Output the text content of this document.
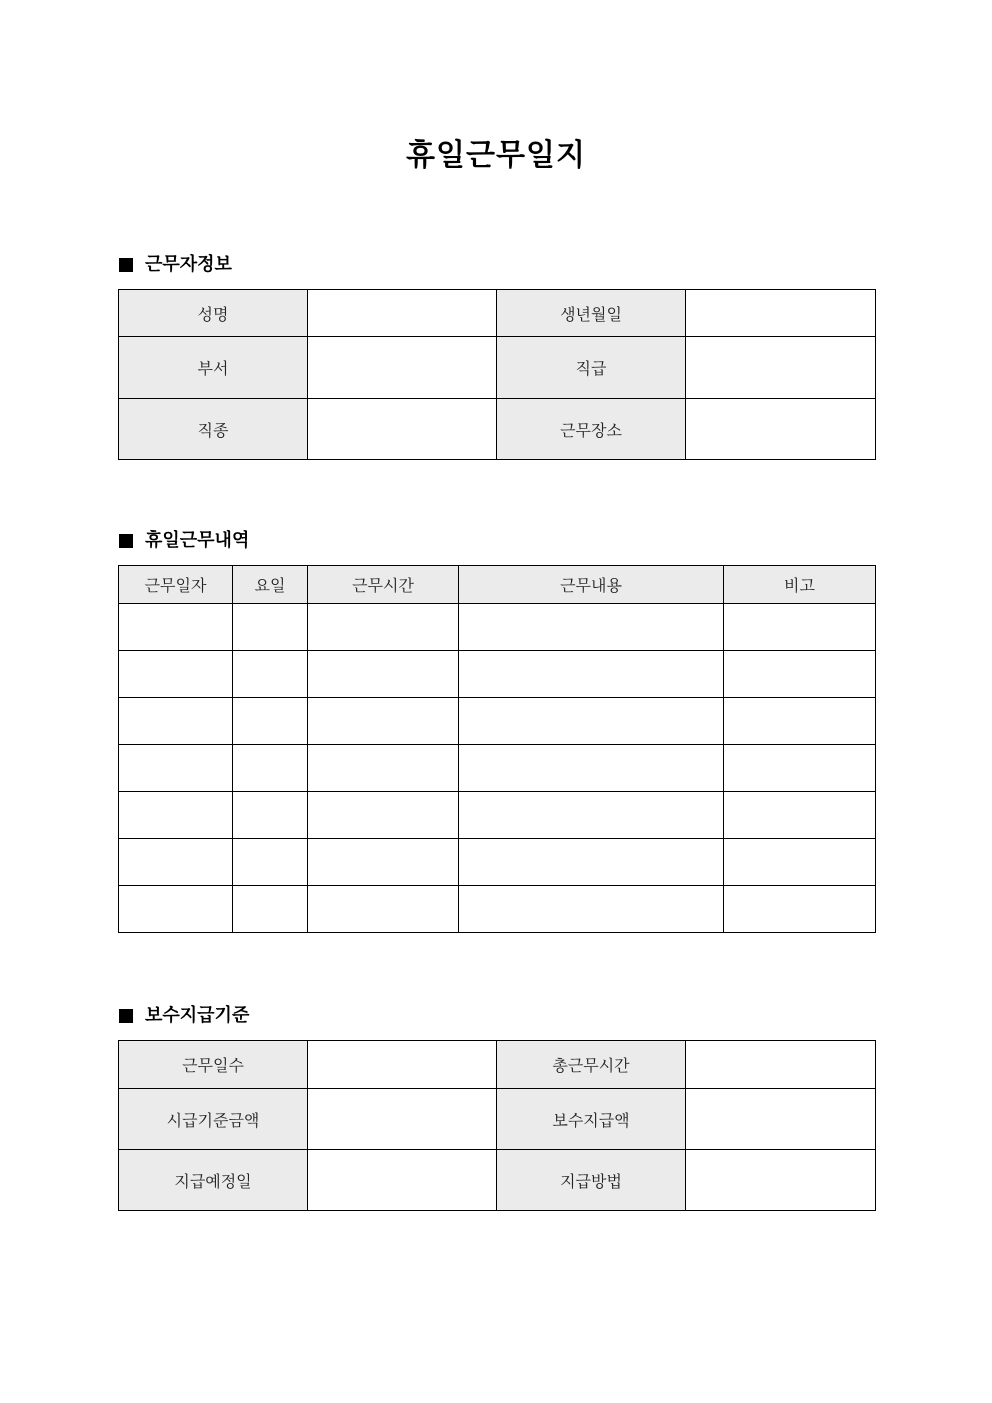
휴일근무일지
근무자정보
성명		생년월일	
부서		직급	
직종		근무장소	
휴일근무내역
근무일자	요일	근무시간	근무내용	비고

보수지급기준
근무일수		총근무시간	
시급기준금액		보수지급액	
지급예정일		지급방법	
